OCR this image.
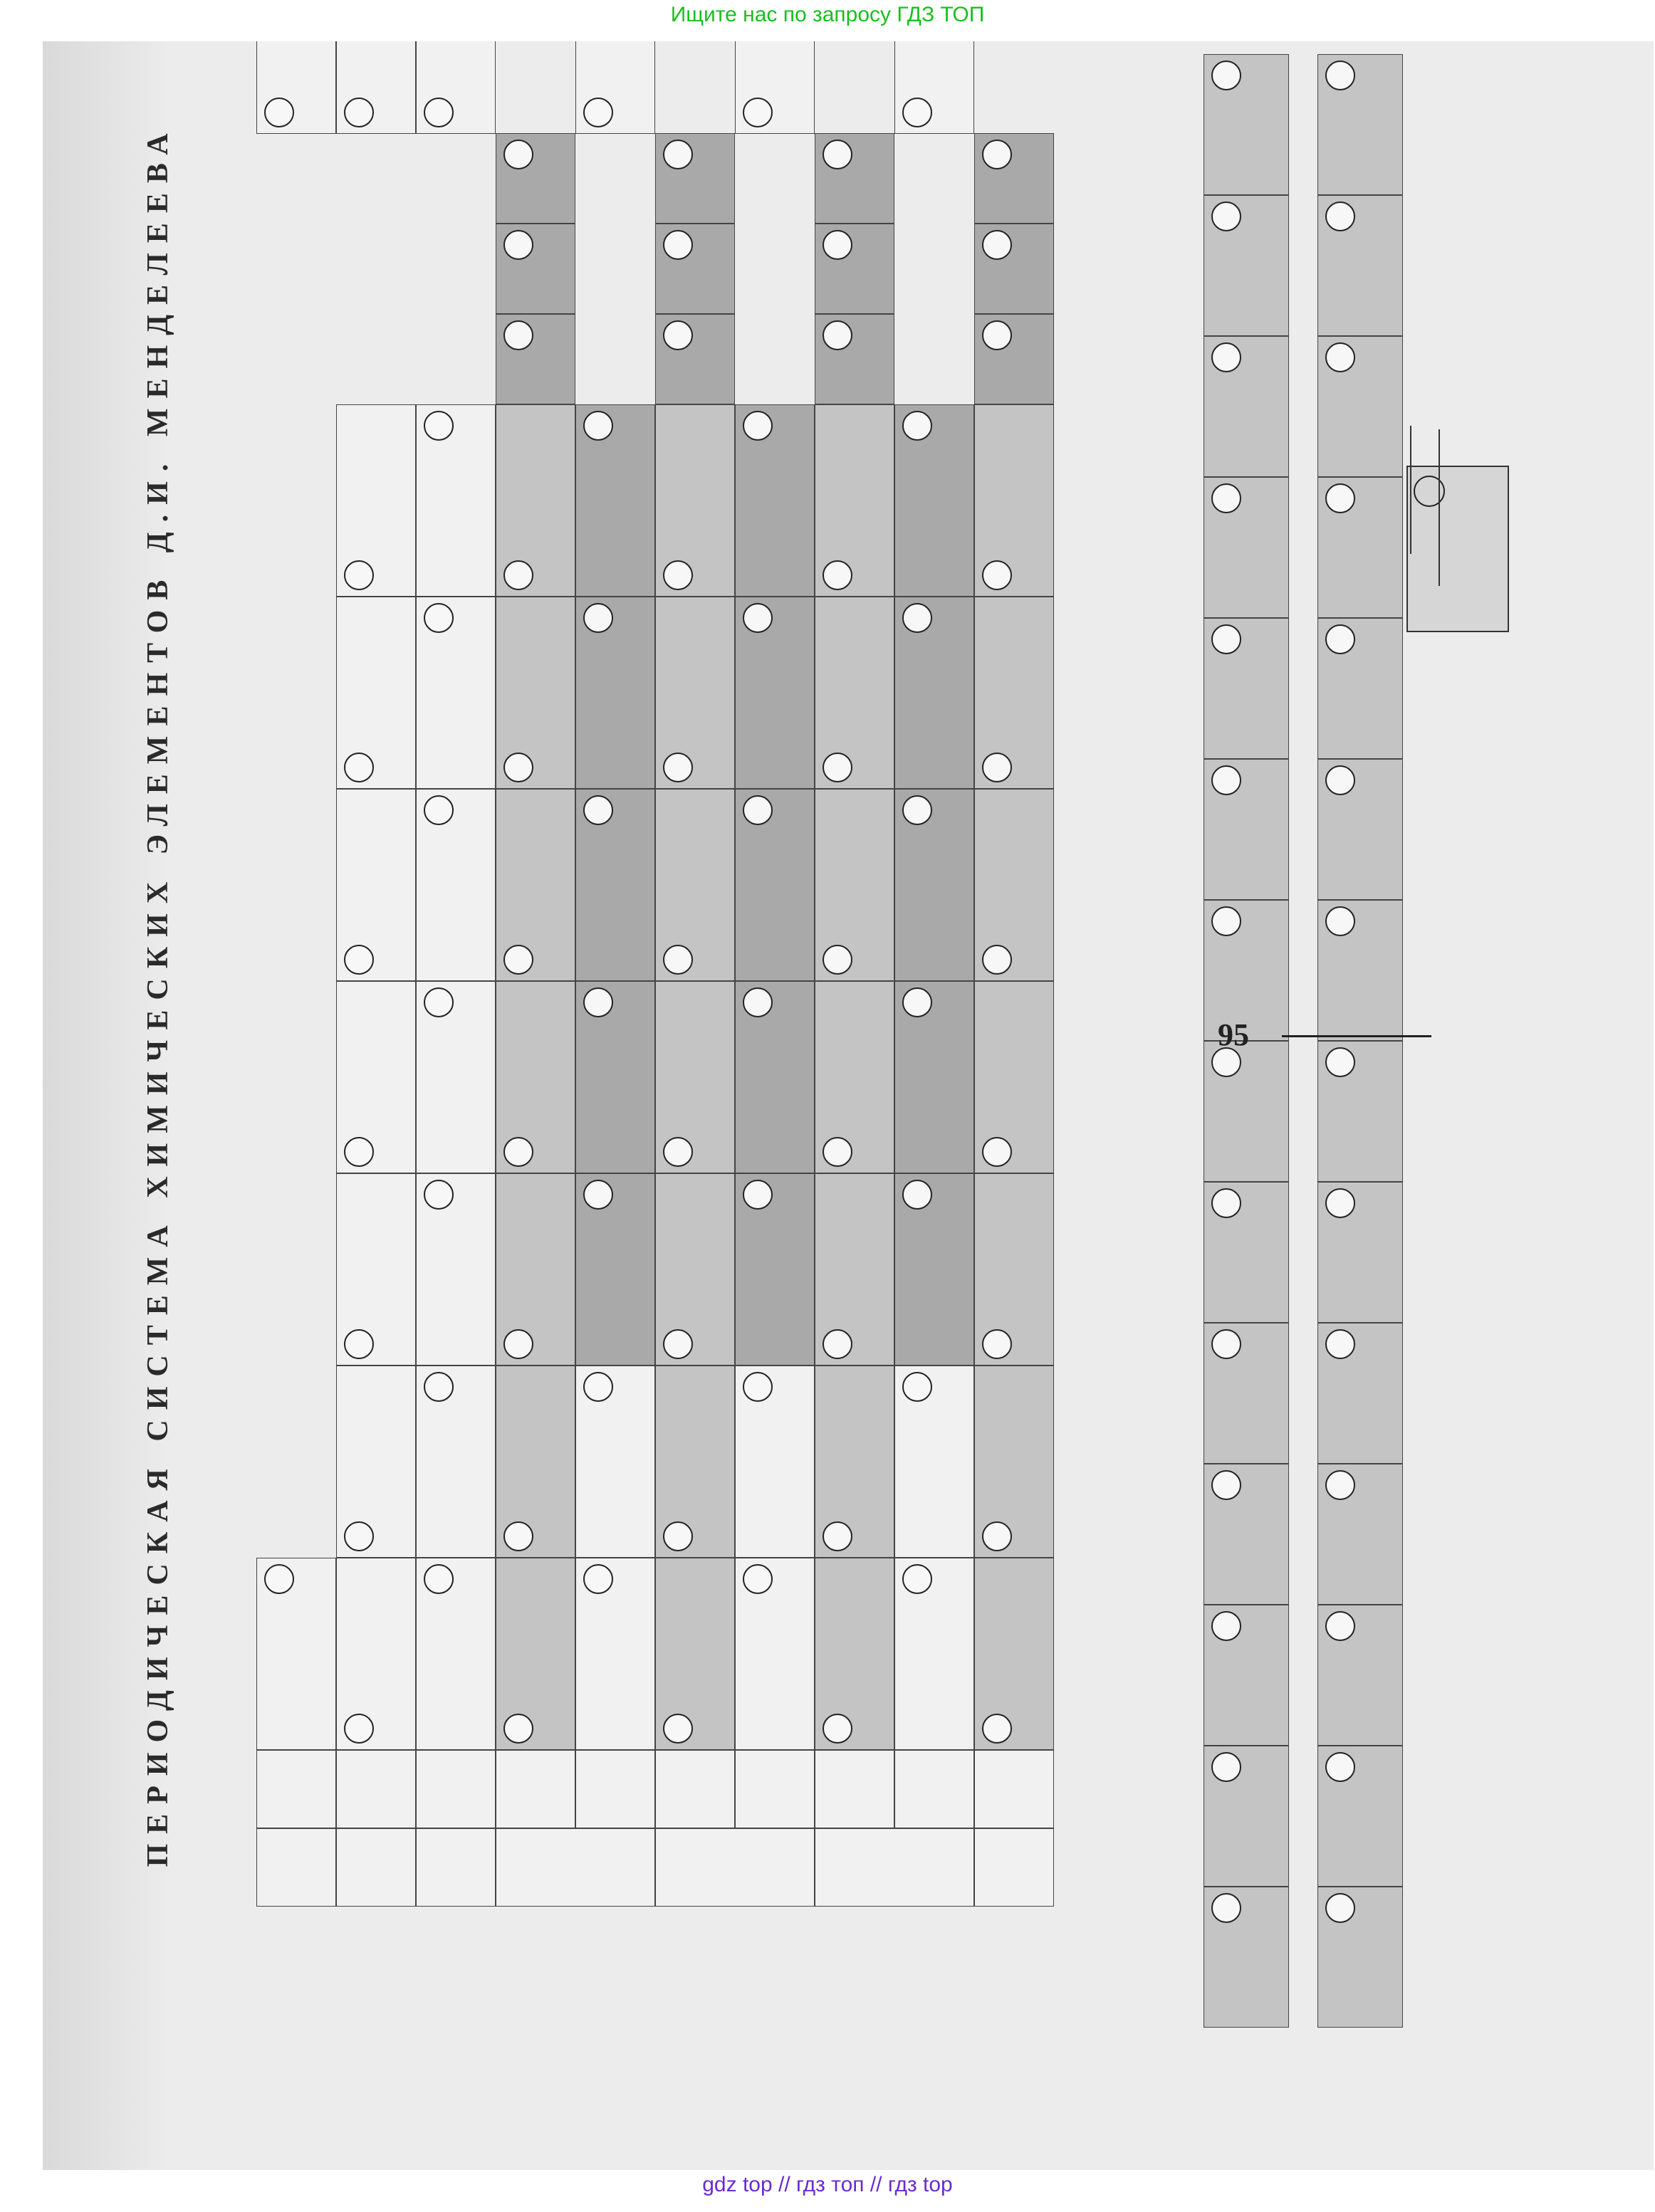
Ищите нас по запросу ГДЗ ТОП
ПЕРИОДИЧЕСКАЯ СИСТЕМА ХИМИЧЕСКИХ ЭЛЕМЕНТОВ Д.И. МЕНДЕЛЕЕВА	95
gdz top // гдз топ // гдз top
